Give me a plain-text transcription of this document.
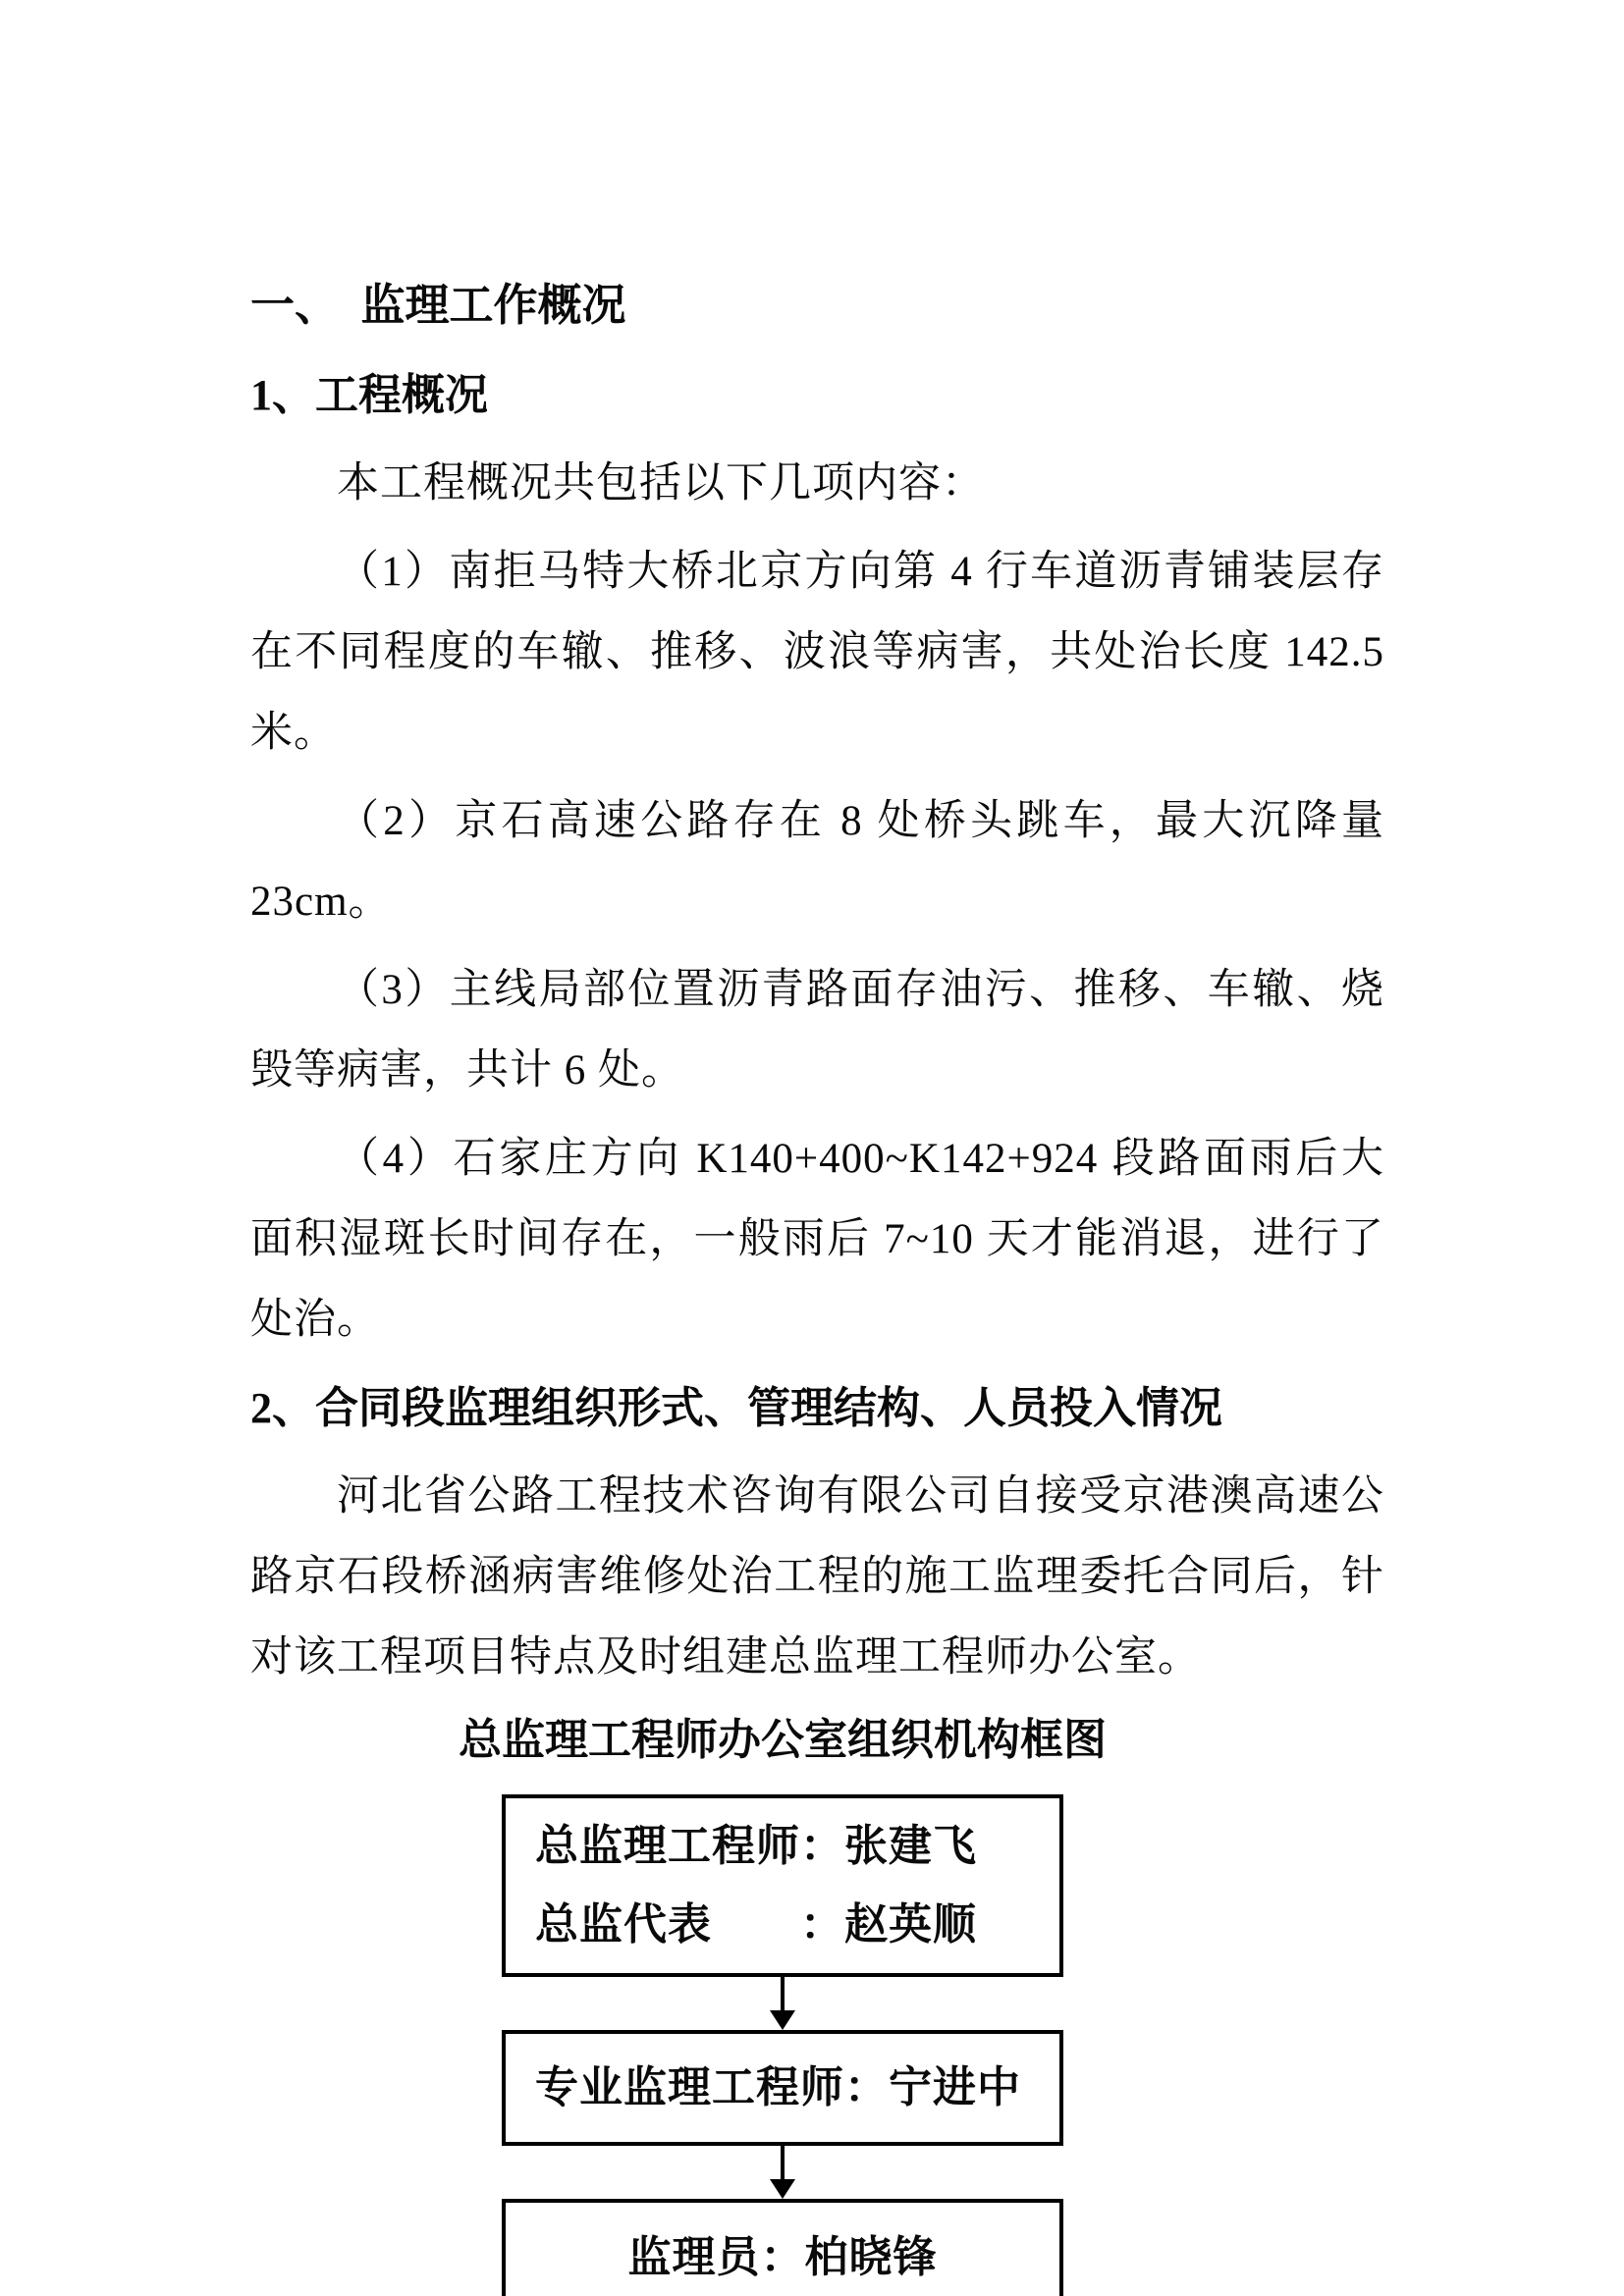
一、　监理工作概况
1、工程概况

本工程概况共包括以下几项内容：

（1）南拒马特大桥北京方向第 4 行车道沥青铺装层存在不同程度的车辙、推移、波浪等病害，共处治长度 142.5 米。

（2）京石高速公路存在 8 处桥头跳车，最大沉降量 23cm。

（3）主线局部位置沥青路面存油污、推移、车辙、烧毁等病害，共计 6 处。

（4）石家庄方向 K140+400~K142+924 段路面雨后大面积湿斑长时间存在，一般雨后 7~10 天才能消退，进行了处治。

2、合同段监理组织形式、管理结构、人员投入情况

河北省公路工程技术咨询有限公司自接受京港澳高速公路京石段桥涵病害维修处治工程的施工监理委托合同后，针对该工程项目特点及时组建总监理工程师办公室。

总监理工程师办公室组织机构框图
总监理工程师：张建飞
总监代表　　：赵英顺
专业监理工程师：宁进中
监理员：柏晓锋
